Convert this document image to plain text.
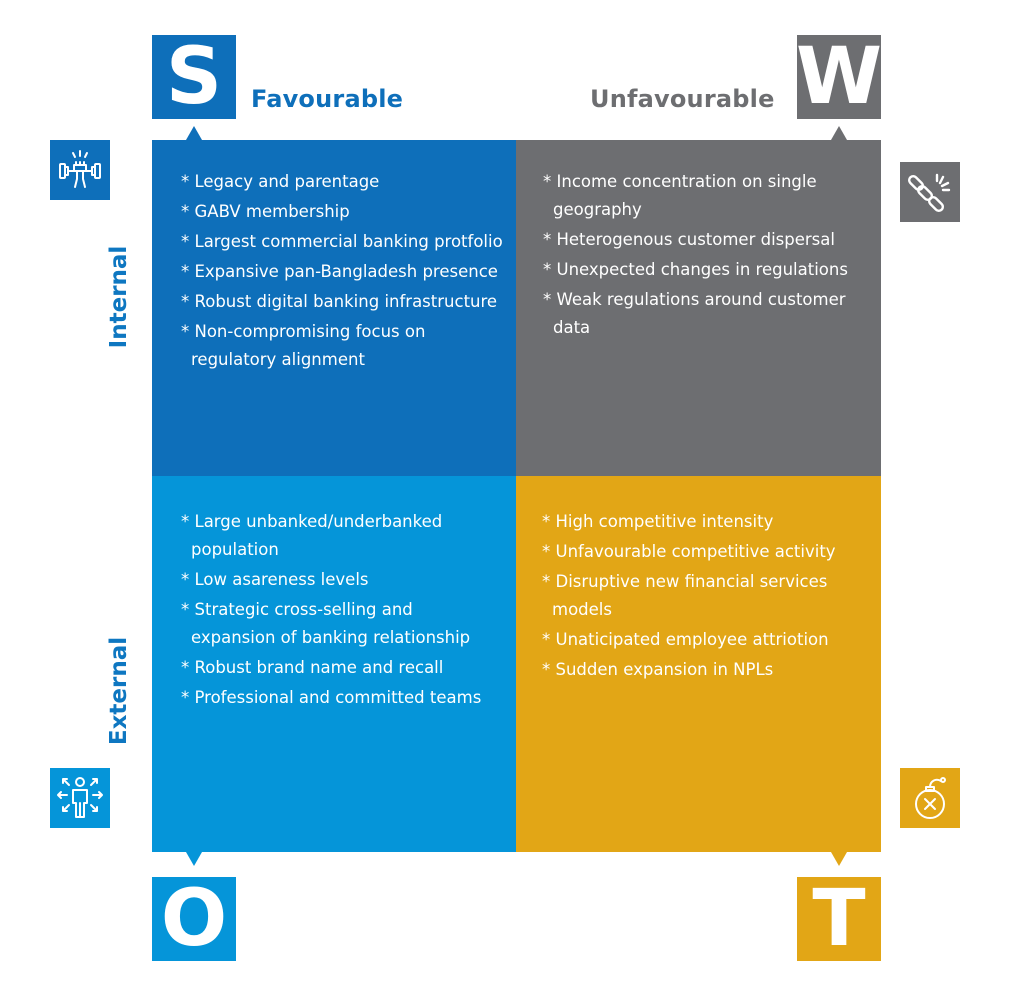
S	W
O	T
Favourable	Unfavourable
* Legacy and parentage
* GABV membership
* Largest commercial banking protfolio
* Expansive pan-Bangladesh presence
* Robust digital banking infrastructure
* Non-compromising focus on
regulatory alignment
* Income concentration on single
geography
* Heterogenous customer dispersal
* Unexpected changes in regulations
* Weak regulations around customer
data
* Large unbanked/underbanked
population
* Low asareness levels
* Strategic cross-selling and
expansion of banking relationship
* Robust brand name and recall
* Professional and committed teams
* High competitive intensity
* Unfavourable competitive activity
* Disruptive new financial services
models
* Unaticipated employee attriotion
* Sudden expansion in NPLs
Internal
External
